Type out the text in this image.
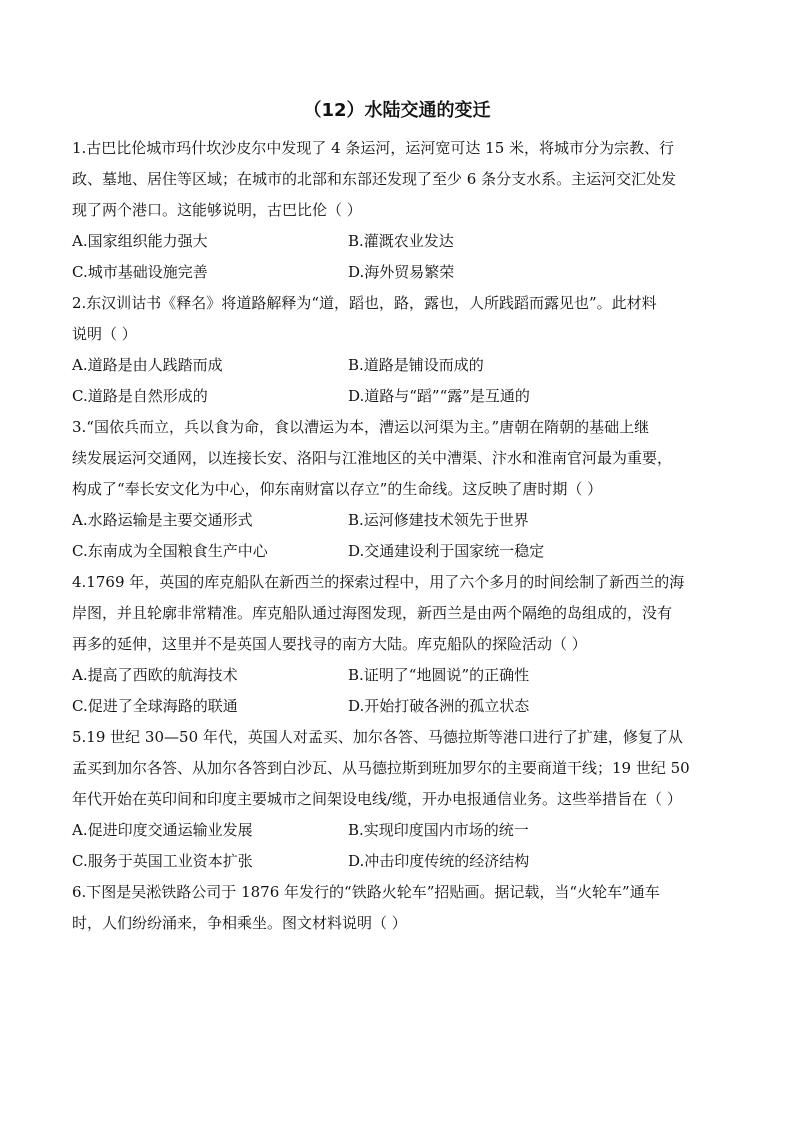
（12）水陆交通的变迁
1.古巴比伦城市玛什坎沙皮尔中发现了 4 条运河，运河宽可达 15 米，将城市分为宗教、行
政、墓地、居住等区域；在城市的北部和东部还发现了至少 6 条分支水系。主运河交汇处发
现了两个港口。这能够说明，古巴比伦（ ）
A.国家组织能力强大	B.灌溉农业发达
C.城市基础设施完善	D.海外贸易繁荣
2.东汉训诂书《释名》将道路解释为“道，蹈也，路，露也，人所践蹈而露见也”。此材料
说明（ ）
A.道路是由人践踏而成	B.道路是铺设而成的
C.道路是自然形成的	D.道路与“蹈”“露”是互通的
3.“国依兵而立，兵以食为命，食以漕运为本，漕运以河渠为主。”唐朝在隋朝的基础上继
续发展运河交通网，以连接长安、洛阳与江淮地区的关中漕渠、汴水和淮南官河最为重要，
构成了“奉长安文化为中心，仰东南财富以存立”的生命线。这反映了唐时期（ ）
A.水路运输是主要交通形式	B.运河修建技术领先于世界
C.东南成为全国粮食生产中心	D.交通建设利于国家统一稳定
4.1769 年，英国的库克船队在新西兰的探索过程中，用了六个多月的时间绘制了新西兰的海
岸图，并且轮廓非常精准。库克船队通过海图发现，新西兰是由两个隔绝的岛组成的，没有
再多的延伸，这里并不是英国人要找寻的南方大陆。库克船队的探险活动（ ）
A.提高了西欧的航海技术	B.证明了“地圆说”的正确性
C.促进了全球海路的联通	D.开始打破各洲的孤立状态
5.19 世纪 30—50 年代，英国人对孟买、加尔各答、马德拉斯等港口进行了扩建，修复了从
孟买到加尔各答、从加尔各答到白沙瓦、从马德拉斯到班加罗尔的主要商道干线；19 世纪 50
年代开始在英印间和印度主要城市之间架设电线/缆，开办电报通信业务。这些举措旨在（ ）
A.促进印度交通运输业发展	B.实现印度国内市场的统一
C.服务于英国工业资本扩张	D.冲击印度传统的经济结构
6.下图是吴淞铁路公司于 1876 年发行的“铁路火轮车”招贴画。据记载，当“火轮车”通车
时，人们纷纷涌来，争相乘坐。图文材料说明（ ）
